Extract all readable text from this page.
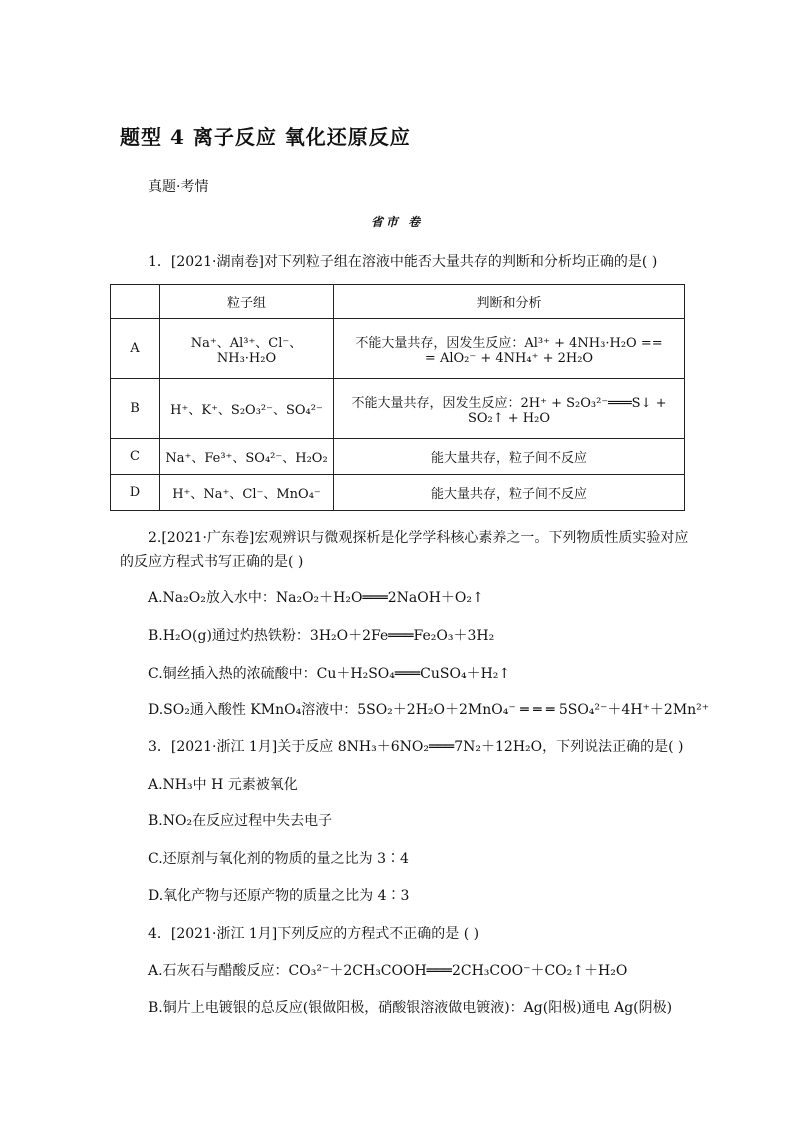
题型 4 离子反应 氧化还原反应
真题·考情
省市 卷
1．[2021·湖南卷]对下列粒子组在溶液中能否大量共存的判断和分析均正确的是( )
	粒子组	判断和分析
A	Na⁺、Al³⁺、Cl⁻、NH₃·H₂O	不能大量共存，因发生反应：Al³⁺ + 4NH₃·H₂O ==
= AlO₂⁻ + 4NH₄⁺ + 2H₂O

B	H⁺、K⁺、S₂O₃²⁻、SO₄²⁻	不能大量共存，因发生反应：2H⁺ + S₂O₃²⁻═══S↓ +
SO₂↑ + H₂O

C	Na⁺、Fe³⁺、SO₄²⁻、H₂O₂	能大量共存，粒子间不反应
D	H⁺、Na⁺、Cl⁻、MnO₄⁻	能大量共存，粒子间不反应
2.[2021·广东卷]宏观辨识与微观探析是化学学科核心素养之一。下列物质性质实验对应
的反应方程式书写正确的是( )
A.Na₂O₂放入水中：Na₂O₂＋H₂O═══2NaOH＋O₂↑
B.H₂O(g)通过灼热铁粉：3H₂O＋2Fe═══Fe₂O₃＋3H₂
C.铜丝插入热的浓硫酸中：Cu＋H₂SO₄═══CuSO₄＋H₂↑
D.SO₂通入酸性 KMnO₄溶液中：5SO₂＋2H₂O＋2MnO₄⁻ ═ ═ ═ 5SO₄²⁻＋4H⁺＋2Mn²⁺
3．[2021·浙江 1月]关于反应 8NH₃＋6NO₂═══7N₂＋12H₂O，下列说法正确的是( )
A.NH₃中 H 元素被氧化
B.NO₂在反应过程中失去电子
C.还原剂与氧化剂的物质的量之比为 3∶4
D.氧化产物与还原产物的质量之比为 4∶3
4．[2021·浙江 1月]下列反应的方程式不正确的是 ( )
A.石灰石与醋酸反应：CO₃²⁻＋2CH₃COOH═══2CH₃COO⁻＋CO₂↑＋H₂O
B.铜片上电镀银的总反应(银做阳极，硝酸银溶液做电镀液)：Ag(阳极)通电 Ag(阴极)
